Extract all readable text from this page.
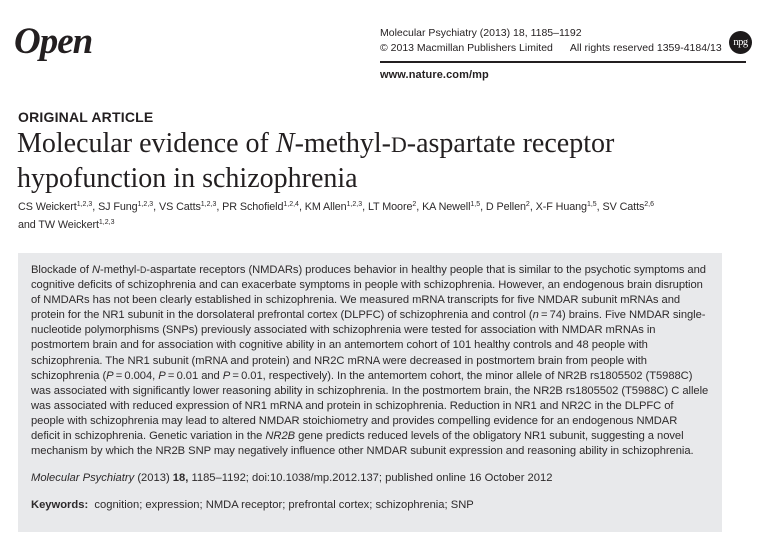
Open	Molecular Psychiatry (2013) 18, 1185–1192
© 2013 Macmillan Publishers Limited All rights reserved 1359-4184/13
www.nature.com/mp
npg
ORIGINAL ARTICLE
Molecular evidence of N-methyl-D-aspartate receptor
hypofunction in schizophrenia
CS Weickert$^{1,2,3}$, SJ Fung$^{1,2,3}$, VS Catts$^{1,2,3}$, PR Schofield$^{1,2,4}$, KM Allen$^{1,2,3}$, LT Moore$^2$, KA Newell$^{1,5}$, D Pellen$^2$, X-F Huang$^{1,5}$, SV Catts$^{2,6}$
and TW Weickert$^{1,2,3}$

Blockade of N-methyl-D-aspartate receptors (NMDARs) produces behavior in healthy people that is similar to the psychotic symptoms and cognitive deficits of schizophrenia and can exacerbate symptoms in people with schizophrenia. However, an endogenous brain disruption of NMDARs has not been clearly established in schizophrenia. We measured mRNA transcripts for five NMDAR subunit mRNAs and protein for the NR1 subunit in the dorsolateral prefrontal cortex (DLPFC) of schizophrenia and control (n = 74) brains. Five NMDAR single-nucleotide polymorphisms (SNPs) previously associated with schizophrenia were tested for association with NMDAR mRNAs in postmortem brain and for association with cognitive ability in an antemortem cohort of 101 healthy controls and 48 people with schizophrenia. The NR1 subunit (mRNA and protein) and NR2C mRNA were decreased in postmortem brain from people with schizophrenia (P = 0.004, P = 0.01 and P = 0.01, respectively). In the antemortem cohort, the minor allele of NR2B rs1805502 (T5988C) was associated with significantly lower reasoning ability in schizophrenia. In the postmortem brain, the NR2B rs1805502 (T5988C) C allele was associated with reduced expression of NR1 mRNA and protein in schizophrenia. Reduction in NR1 and NR2C in the DLPFC of people with schizophrenia may lead to altered NMDAR stoichiometry and provides compelling evidence for an endogenous NMDAR deficit in schizophrenia. Genetic variation in the NR2B gene predicts reduced levels of the obligatory NR1 subunit, suggesting a novel mechanism by which the NR2B SNP may negatively influence other NMDAR subunit expression and reasoning ability in schizophrenia.

Molecular Psychiatry (2013) 18, 1185–1192; doi:10.1038/mp.2012.137; published online 16 October 2012

Keywords:  cognition; expression; NMDA receptor; prefrontal cortex; schizophrenia; SNP
